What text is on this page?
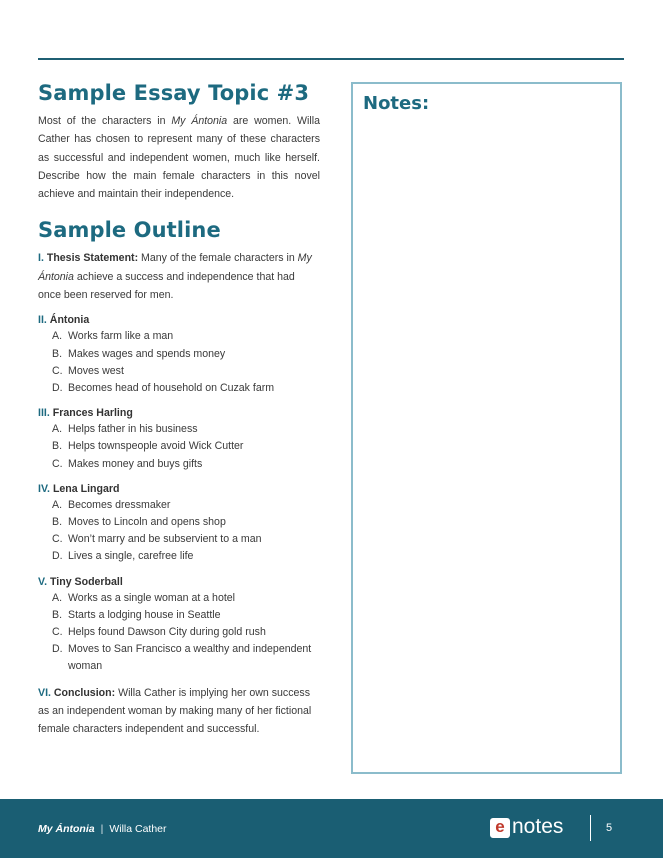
Sample Essay Topic #3

Most of the characters in My Ántonia are women. Willa Cather has chosen to represent many of these characters as successful and independent women, much like herself. Describe how the main female characters in this novel achieve and maintain their independence.

Sample Outline

I. Thesis Statement: Many of the female characters in My Ántonia achieve a success and independence that had once been reserved for men.

II. Ántonia
A. Works farm like a man
B. Makes wages and spends money
C. Moves west
D. Becomes head of household on Cuzak farm
III. Frances Harling
A. Helps father in his business
B. Helps townspeople avoid Wick Cutter
C. Makes money and buys gifts
IV. Lena Lingard
A. Becomes dressmaker
B. Moves to Lincoln and opens shop
C. Won’t marry and be subservient to a man
D. Lives a single, carefree life
V. Tiny Soderball
A. Works as a single woman at a hotel
B. Starts a lodging house in Seattle
C. Helps found Dawson City during gold rush
D. Moves to San Francisco a wealthy and independent woman

VI. Conclusion: Willa Cather is implying her own success as an independent woman by making many of her fictional female characters independent and successful.

Notes:
My Ántonia | Willa Cather	e notes	5
